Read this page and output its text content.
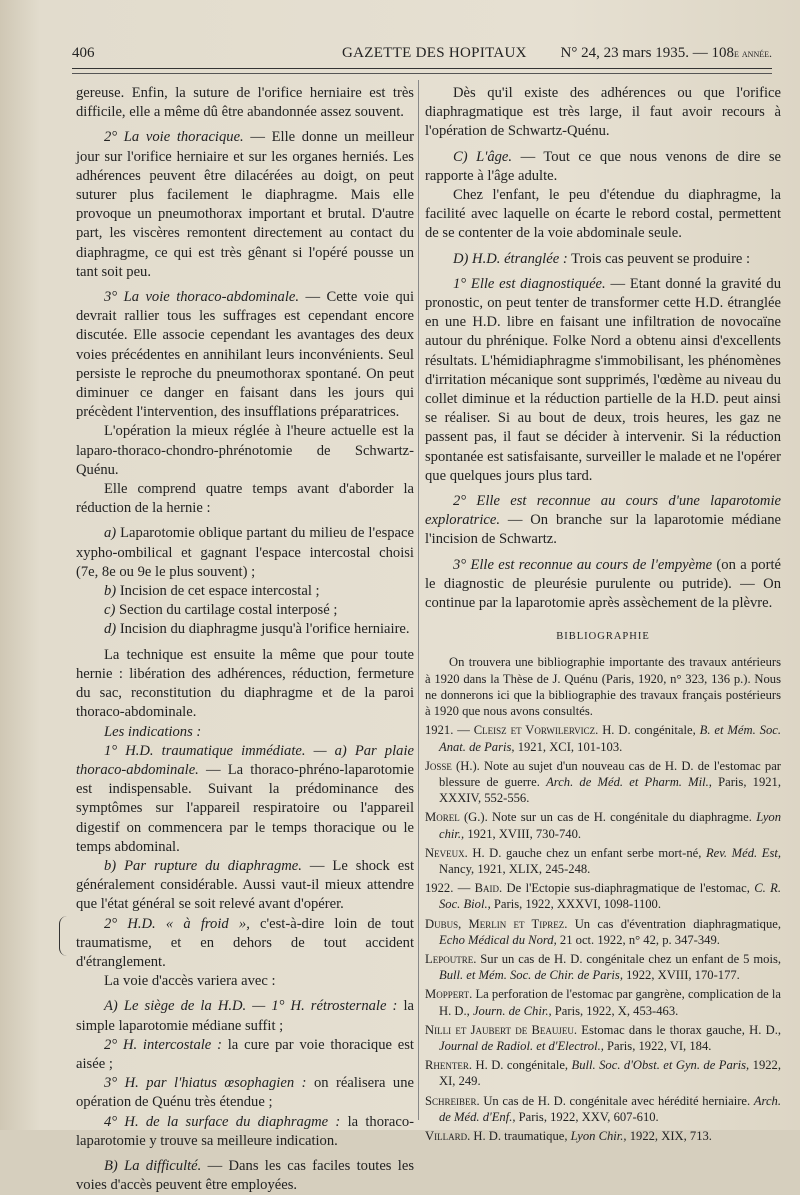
406	GAZETTE DES HOPITAUX N° 24, 23 mars 1935. — 108e année.

gereuse. Enfin, la suture de l'orifice herniaire est très difficile, elle a même dû être abandonnée assez souvent.

2° La voie thoracique. — Elle donne un meilleur jour sur l'orifice herniaire et sur les organes herniés. Les adhérences peuvent être dilacérées au doigt, on peut suturer plus facilement le diaphragme. Mais elle provoque un pneumothorax important et brutal. D'autre part, les viscères remontent directement au contact du diaphragme, ce qui est très gênant si l'opéré pousse un tant soit peu.

3° La voie thoraco-abdominale. — Cette voie qui devrait rallier tous les suffrages est cependant encore discutée. Elle associe cependant les avantages des deux voies précédentes en annihilant leurs inconvénients. Seul persiste le reproche du pneumothorax spontané. On peut diminuer ce danger en faisant dans les jours qui précèdent l'intervention, des insufflations préparatrices.

L'opération la mieux réglée à l'heure actuelle est la laparo-thoraco-chondro-phrénotomie de Schwartz-Quénu.

Elle comprend quatre temps avant d'aborder la réduction de la hernie :

a) Laparotomie oblique partant du milieu de l'espace xypho-ombilical et gagnant l'espace intercostal choisi (7e, 8e ou 9e le plus souvent) ;

b) Incision de cet espace intercostal ;

c) Section du cartilage costal interposé ;

d) Incision du diaphragme jusqu'à l'orifice herniaire.

La technique est ensuite la même que pour toute hernie : libération des adhérences, réduction, fermeture du sac, reconstitution du diaphragme et de la paroi thoraco-abdominale.

Les indications :

1° H.D. traumatique immédiate. — a) Par plaie thoraco-abdominale. — La thoraco-phréno-laparotomie est indispensable. Suivant la prédominance des symptômes sur l'appareil respiratoire ou l'appareil digestif on commencera par le temps thoracique ou le temps abdominal.

b) Par rupture du diaphragme. — Le shock est généralement considérable. Aussi vaut-il mieux attendre que l'état général se soit relevé avant d'opérer.

2° H.D. « à froid », c'est-à-dire loin de tout traumatisme, et en dehors de tout accident d'étranglement.

La voie d'accès variera avec :

A) Le siège de la H.D. — 1° H. rétrosternale : la simple laparotomie médiane suffit ;

2° H. intercostale : la cure par voie thoracique est aisée ;

3° H. par l'hiatus œsophagien : on réalisera une opération de Quénu très étendue ;

4° H. de la surface du diaphragme : la thoraco-laparotomie y trouve sa meilleure indication.

B) La difficulté. — Dans les cas faciles toutes les voies d'accès peuvent être employées.

Dès qu'il existe des adhérences ou que l'orifice diaphragmatique est très large, il faut avoir recours à l'opération de Schwartz-Quénu.

C) L'âge. — Tout ce que nous venons de dire se rapporte à l'âge adulte.

Chez l'enfant, le peu d'étendue du diaphragme, la facilité avec laquelle on écarte le rebord costal, permettent de se contenter de la voie abdominale seule.

D) H.D. étranglée : Trois cas peuvent se produire :

1° Elle est diagnostiquée. — Etant donné la gravité du pronostic, on peut tenter de transformer cette H.D. étranglée en une H.D. libre en faisant une infiltration de novocaïne autour du phrénique. Folke Nord a obtenu ainsi d'excellents résultats. L'hémidiaphragme s'immobilisant, les phénomènes d'irritation mécanique sont supprimés, l'œdème au niveau du collet diminue et la réduction partielle de la H.D. peut ainsi se réaliser. Si au bout de deux, trois heures, les gaz ne passent pas, il faut se décider à intervenir. Si la réduction spontanée est satisfaisante, surveiller le malade et ne l'opérer que quelques jours plus tard.

2° Elle est reconnue au cours d'une laparotomie exploratrice. — On branche sur la laparotomie médiane l'incision de Schwartz.

3° Elle est reconnue au cours de l'empyème (on a porté le diagnostic de pleurésie purulente ou putride). — On continue par la laparotomie après assèchement de la plèvre.

BIBLIOGRAPHIE

On trouvera une bibliographie importante des travaux antérieurs à 1920 dans la Thèse de J. Quénu (Paris, 1920, n° 323, 136 p.). Nous ne donnerons ici que la bibliographie des travaux français postérieurs à 1920 que nous avons consultés.

1921. — Cleisz et Vorwilervicz. H. D. congénitale, B. et Mém. Soc. Anat. de Paris, 1921, XCI, 101-103.

Josse (H.). Note au sujet d'un nouveau cas de H. D. de l'estomac par blessure de guerre. Arch. de Méd. et Pharm. Mil., Paris, 1921, XXXIV, 552-556.

Morel (G.). Note sur un cas de H. congénitale du diaphragme. Lyon chir., 1921, XVIII, 730-740.

Neveux. H. D. gauche chez un enfant serbe mort-né, Rev. Méd. Est, Nancy, 1921, XLIX, 245-248.

1922. — Baid. De l'Ectopie sus-diaphragmatique de l'estomac, C. R. Soc. Biol., Paris, 1922, XXXVI, 1098-1100.

Dubus, Merlin et Tiprez. Un cas d'éventration diaphragmatique, Echo Médical du Nord, 21 oct. 1922, n° 42, p. 347-349.

Lepoutre. Sur un cas de H. D. congénitale chez un enfant de 5 mois, Bull. et Mém. Soc. de Chir. de Paris, 1922, XVIII, 170-177.

Moppert. La perforation de l'estomac par gangrène, complication de la H. D., Journ. de Chir., Paris, 1922, X, 453-463.

Nilli et Jaubert de Beaujeu. Estomac dans le thorax gauche, H. D., Journal de Radiol. et d'Electrol., Paris, 1922, VI, 184.

Rhenter. H. D. congénitale, Bull. Soc. d'Obst. et Gyn. de Paris, 1922, XI, 249.

Schreiber. Un cas de H. D. congénitale avec hérédité herniaire. Arch. de Méd. d'Enf., Paris, 1922, XXV, 607-610.

Villard. H. D. traumatique, Lyon Chir., 1922, XIX, 713.
